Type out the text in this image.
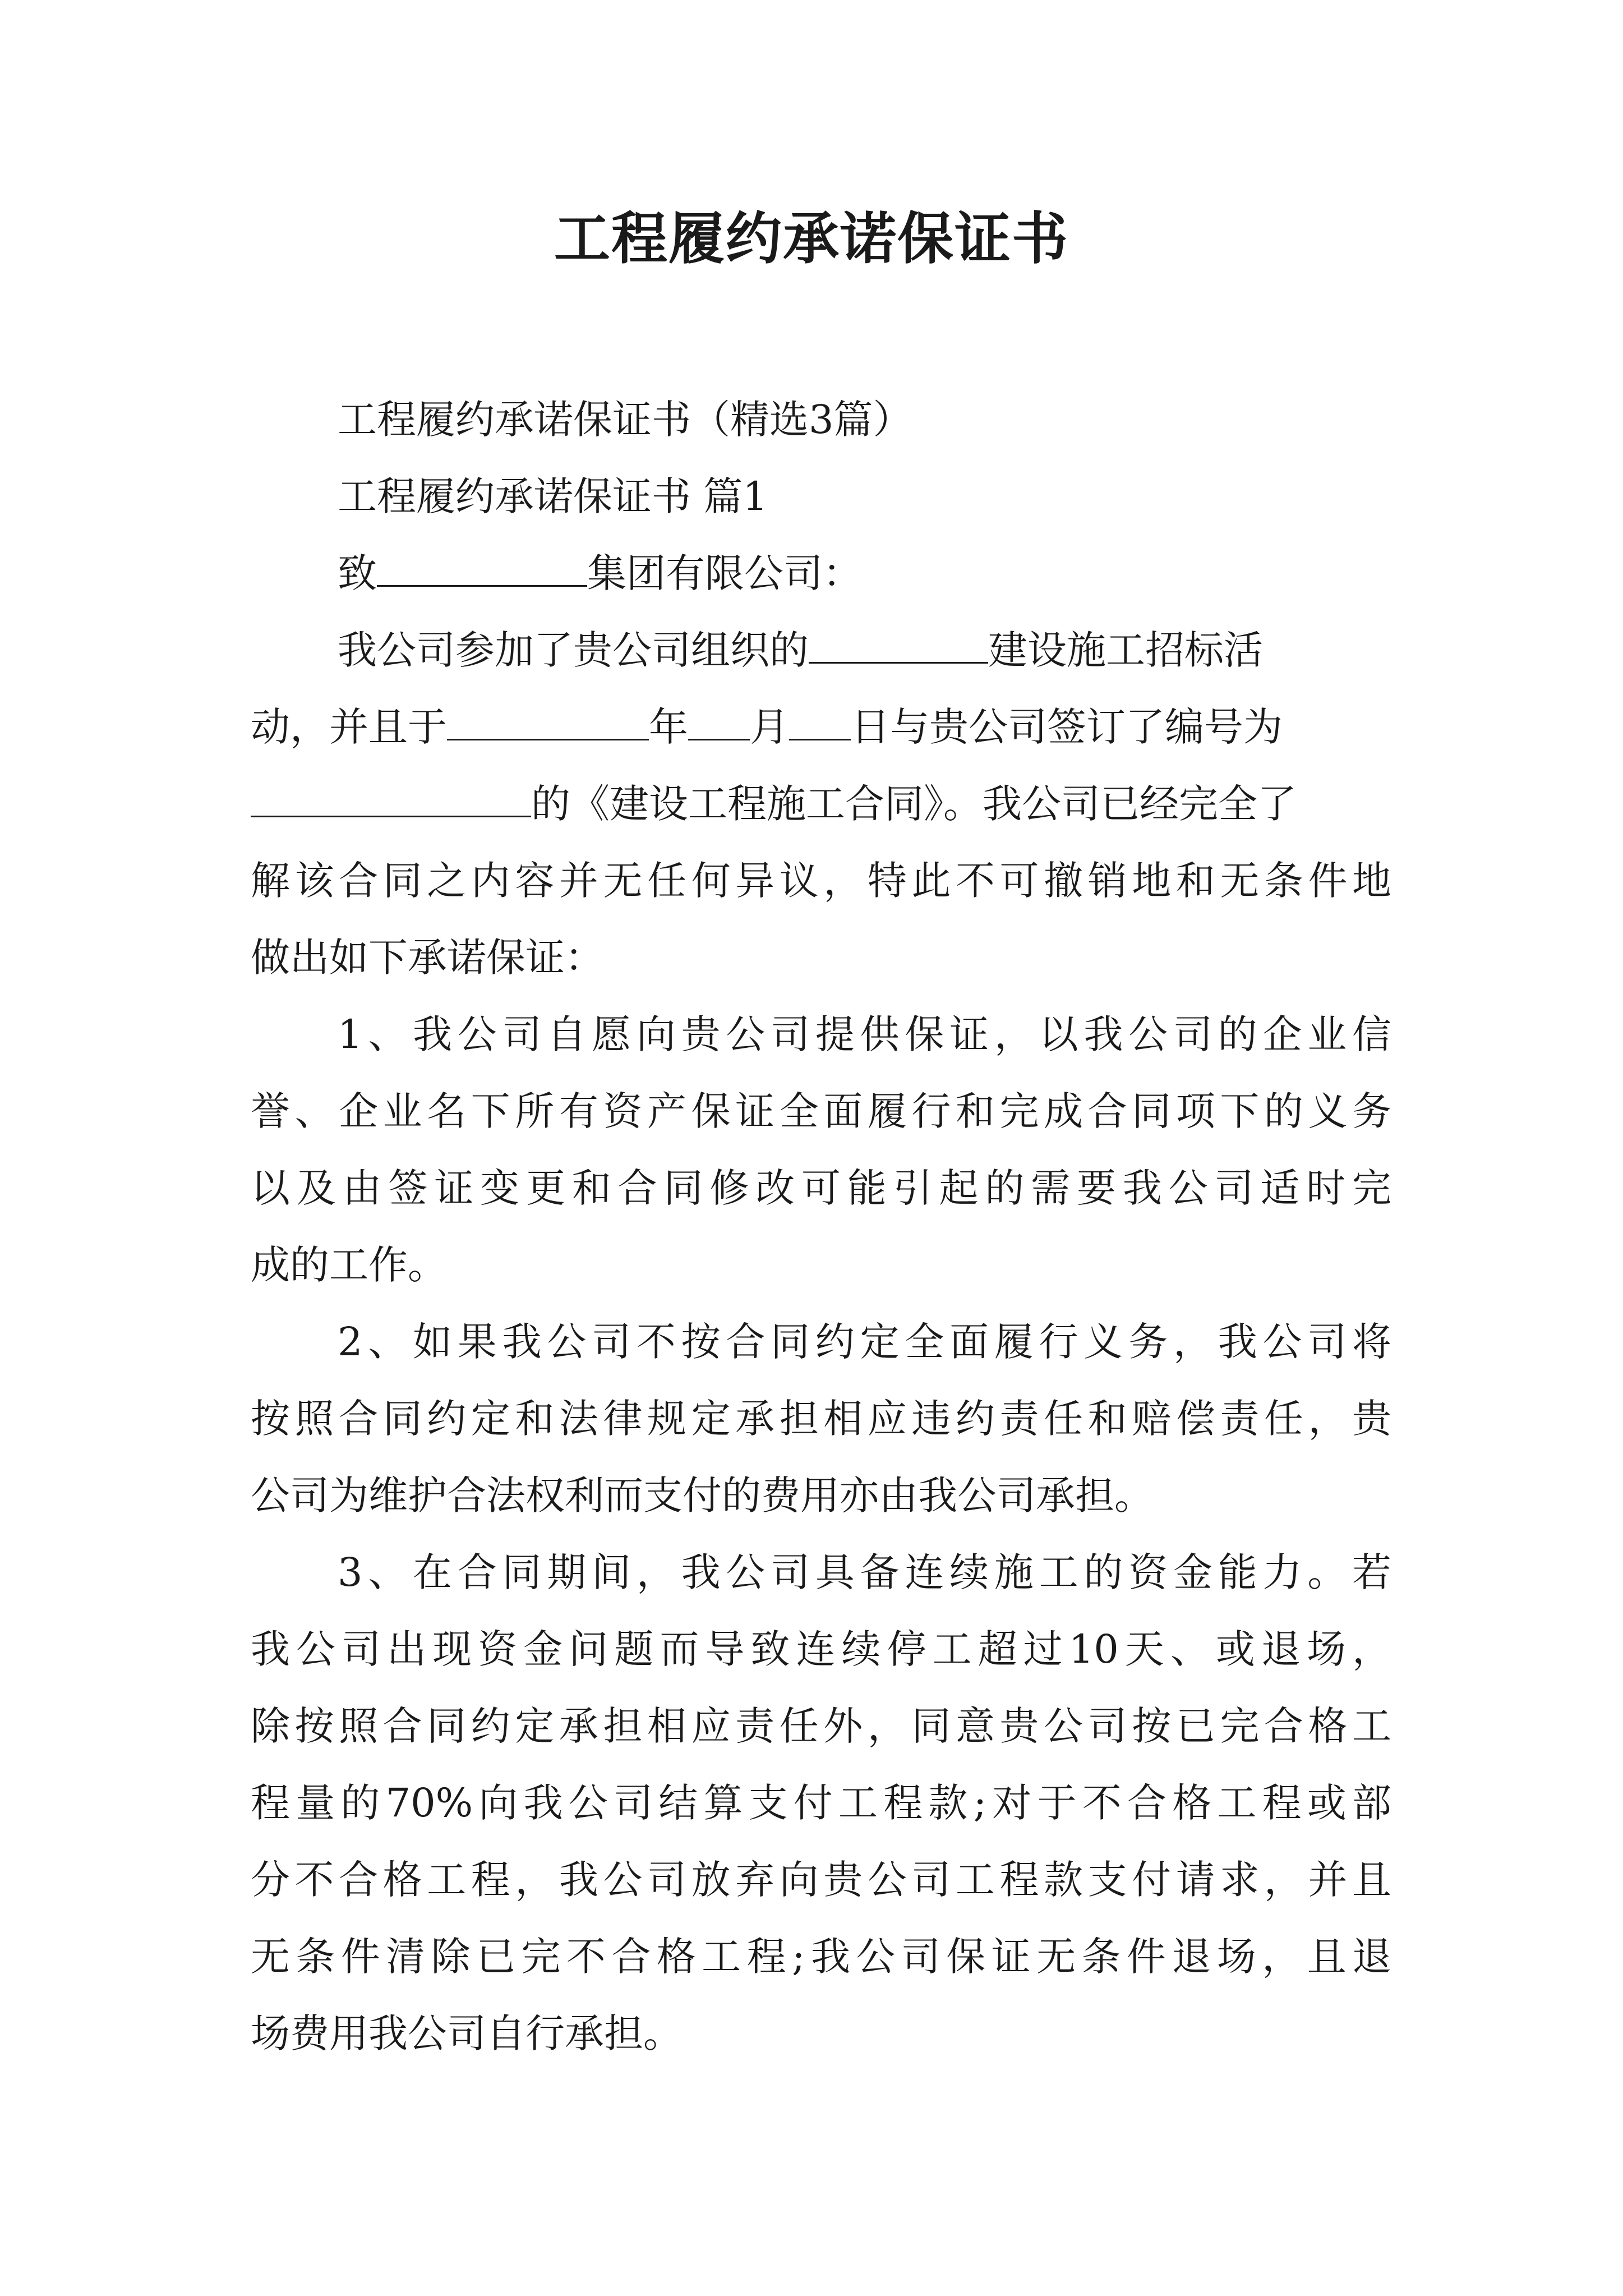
工程履约承诺保证书
工程履约承诺保证书（精选3篇）
工程履约承诺保证书 篇1
致	集团有限公司：
我公司参加了贵公司组织的	建设施工招标活
动，并且于	年 月 日与贵公司签订了编号为
的《建设工程施工合同》。我公司已经完全了
解该合同之内容并无任何异议，特此不可撤销地和无条件地
做出如下承诺保证：
1、我公司自愿向贵公司提供保证，以我公司的企业信
誉、企业名下所有资产保证全面履行和完成合同项下的义务
以及由签证变更和合同修改可能引起的需要我公司适时完
成的工作。
2、如果我公司不按合同约定全面履行义务，我公司将
按照合同约定和法律规定承担相应违约责任和赔偿责任，贵
公司为维护合法权利而支付的费用亦由我公司承担。
3、在合同期间，我公司具备连续施工的资金能力。若
我公司出现资金问题而导致连续停工超过10天、或退场，
除按照合同约定承担相应责任外，同意贵公司按已完合格工
程量的70%向我公司结算支付工程款;对于不合格工程或部
分不合格工程，我公司放弃向贵公司工程款支付请求，并且
无条件清除已完不合格工程;我公司保证无条件退场，且退
场费用我公司自行承担。
